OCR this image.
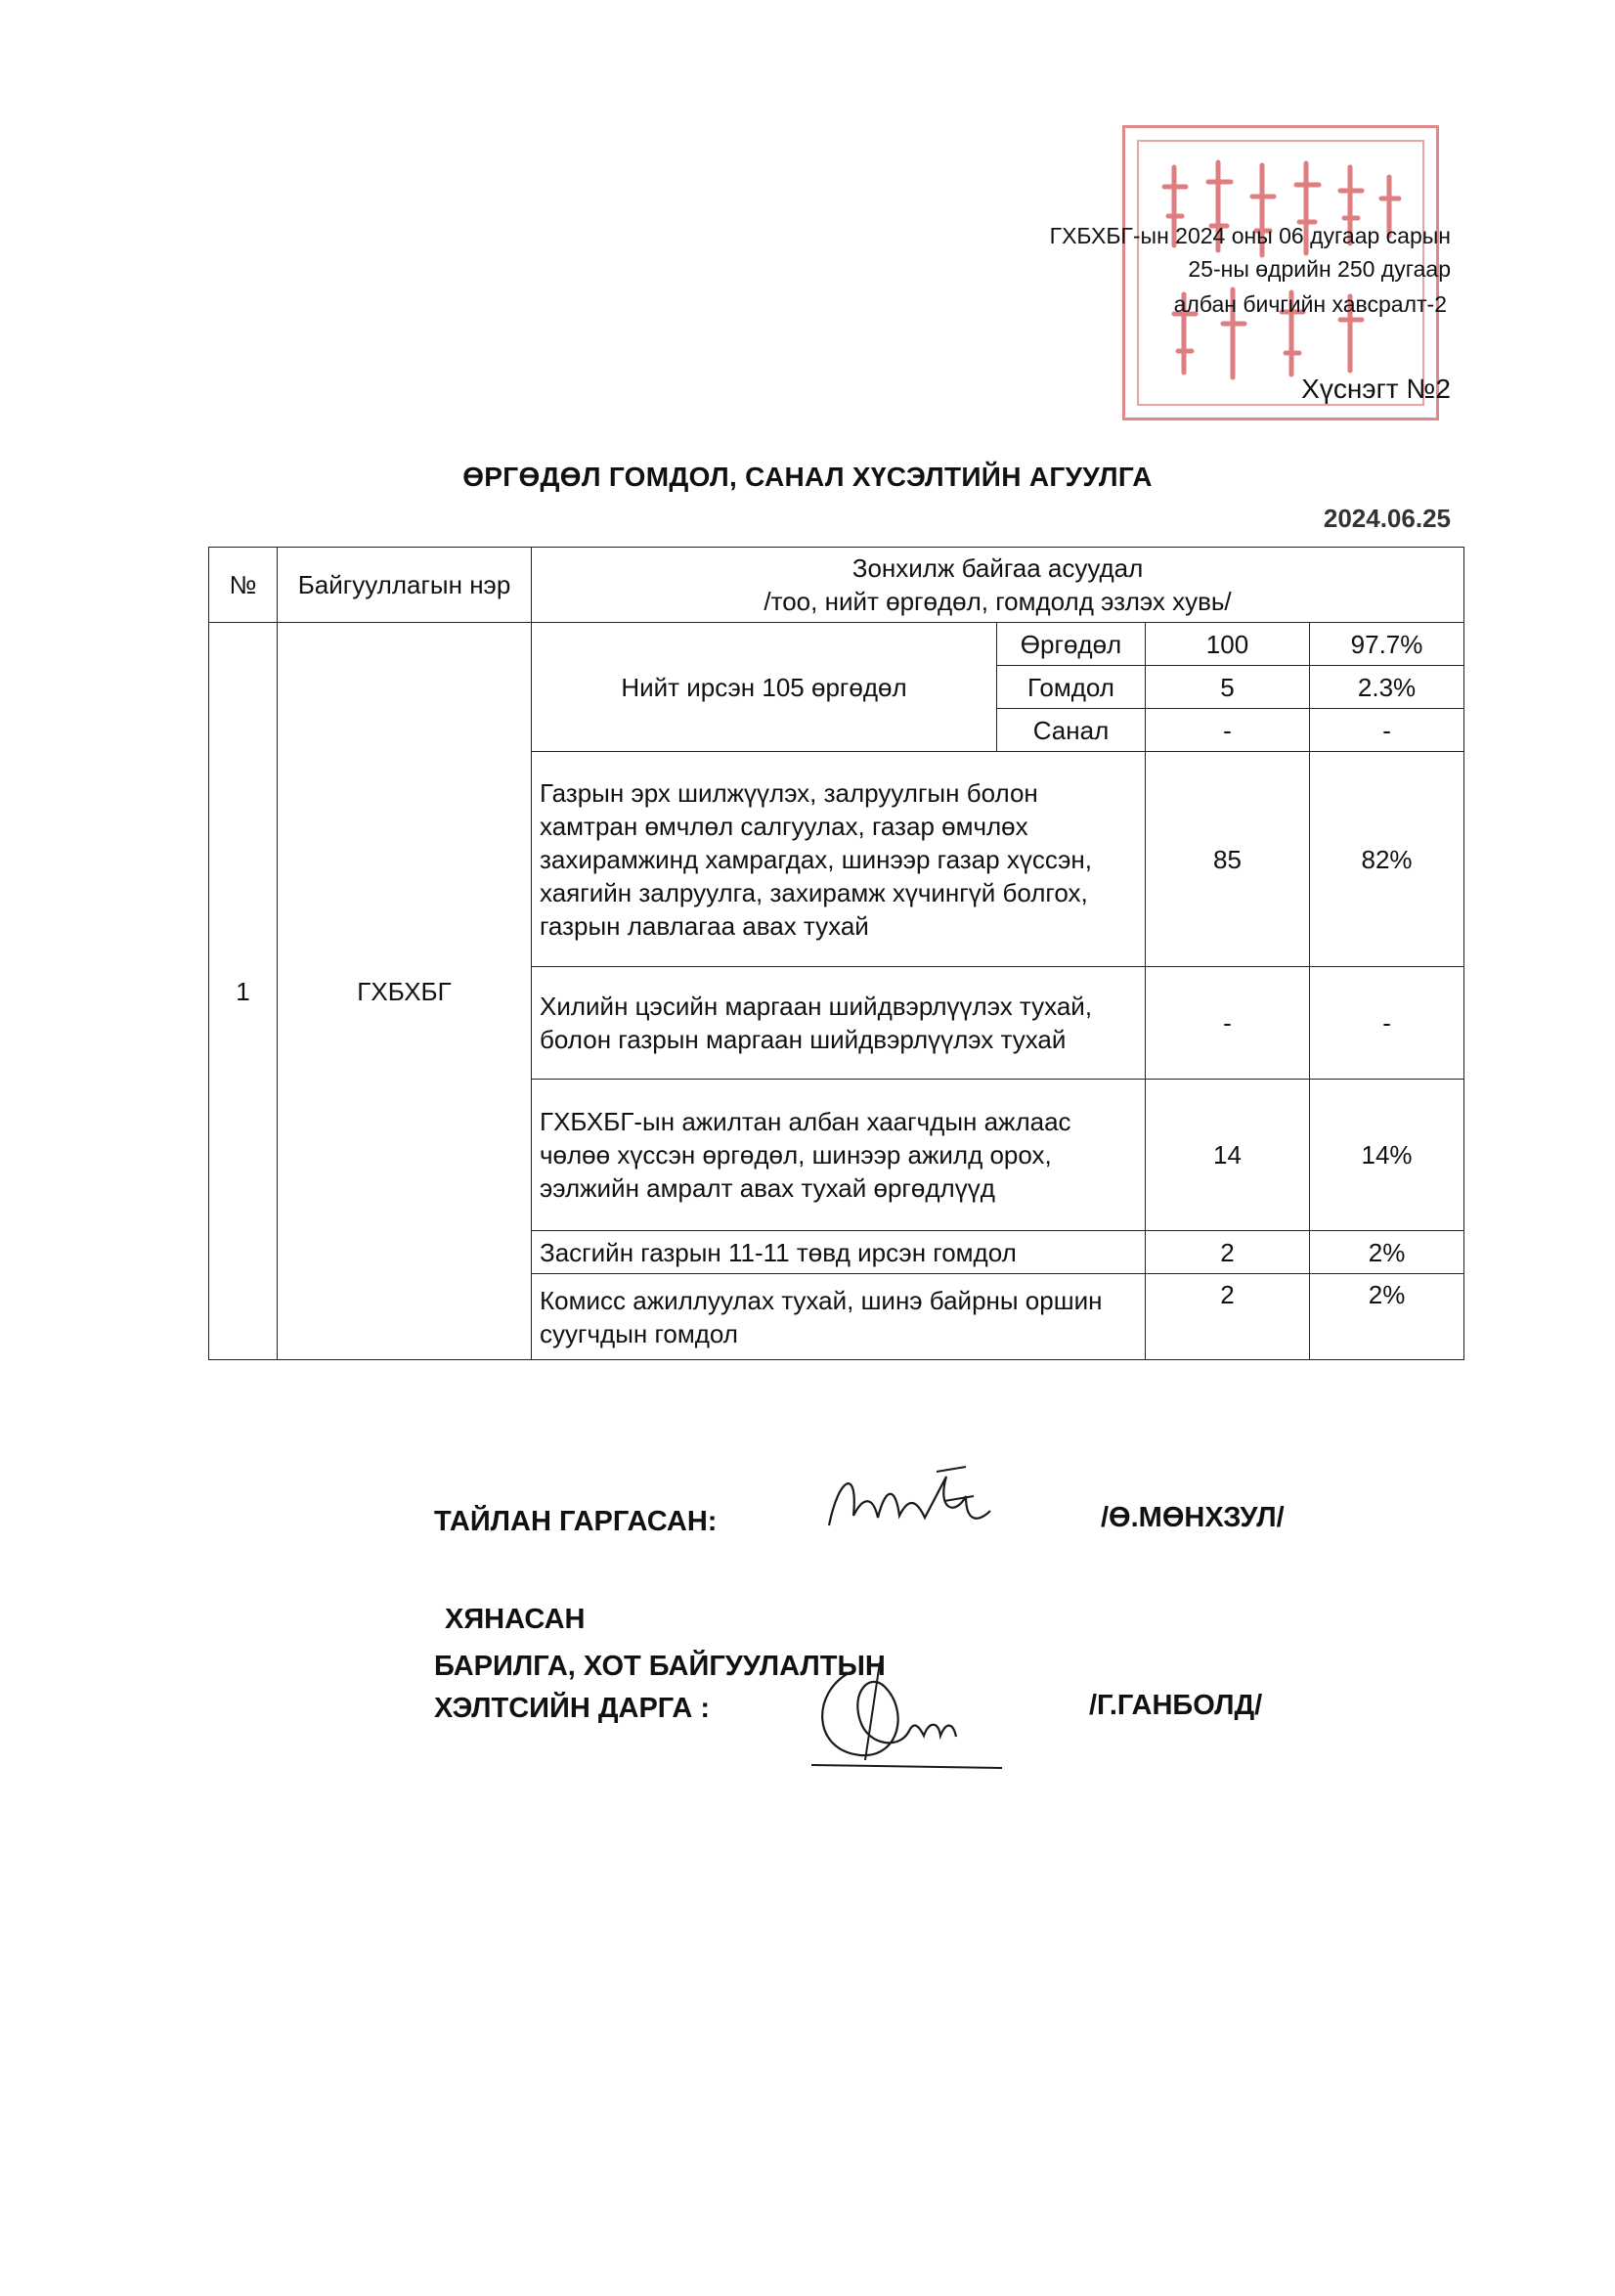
ГХБХБГ-ын 2024 оны 06 дугаар сарын
25-ны өдрийн 250 дугаар
албан бичгийн хавсралт-2
Хүснэгт №2
ӨРГӨДӨЛ ГОМДОЛ, САНАЛ ХҮСЭЛТИЙН АГУУЛГА
2024.06.25
№	Байгууллагын нэр	Зонхилж байгаа асуудал
/тоо, нийт өргөдөл, гомдолд эзлэх хувь/			

1	ГХБХБГ	Нийт ирсэн 105 өргөдөл	Өргөдөл	100	97.7%
			Гомдол	5	2.3%
			Санал	-	-
		Газрын эрх шилжүүлэх, залруулгын болон хамтран өмчлөл салгуулах, газар өмчлөх захирамжинд хамрагдах, шинээр газар хүссэн, хаягийн залруулга, захирамж хүчингүй болгох, газрын лавлагаа авах тухай		85	82%
		Хилийн цэсийн маргаан шийдвэрлүүлэх тухай, болон газрын маргаан шийдвэрлүүлэх тухай		-	-
		ГХБХБГ-ын ажилтан албан хаагчдын ажлаас чөлөө хүссэн өргөдөл, шинээр ажилд орох, ээлжийн амралт авах тухай өргөдлүүд		14	14%
		Засгийн газрын 11-11 төвд ирсэн гомдол		2	2%
		Комисс ажиллуулах тухай, шинэ байрны оршин суугчдын гомдол		2	2%
ТАЙЛАН ГАРГАСАН:	/Ө.МӨНХЗУЛ/
ХЯНАСАН
БАРИЛГА, ХОТ БАЙГУУЛАЛТЫН
ХЭЛТСИЙН ДАРГА :	/Г.ГАНБОЛД/
